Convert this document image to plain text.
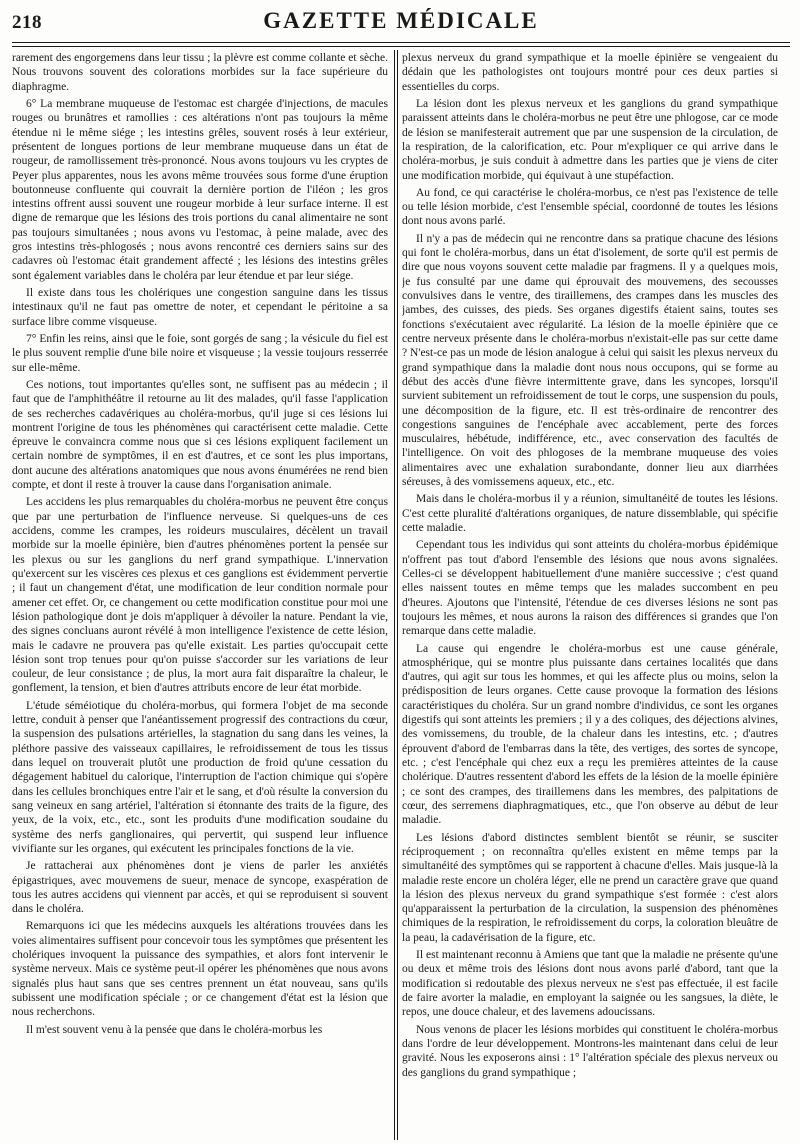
218	GAZETTE MÉDICALE

rarement des engorgemens dans leur tissu ; la plèvre est comme collante et sèche. Nous trouvons souvent des colorations morbides sur la face supérieure du diaphragme.

6° La membrane muqueuse de l'estomac est chargée d'injections, de macules rouges ou brunâtres et ramollies : ces altérations n'ont pas toujours la même étendue ni le même siége ; les intestins grêles, souvent rosés à leur extérieur, présentent de longues portions de leur membrane muqueuse dans un état de rougeur, de ramollissement très-prononcé. Nous avons toujours vu les cryptes de Peyer plus apparentes, nous les avons même trouvées sous forme d'une éruption boutonneuse confluente qui couvrait la dernière portion de l'iléon ; les gros intestins offrent aussi souvent une rougeur morbide à leur surface interne. Il est digne de remarque que les lésions des trois portions du canal alimentaire ne sont pas toujours simultanées ; nous avons vu l'estomac, à peine malade, avec des gros intestins très-phlogosés ; nous avons rencontré ces derniers sains sur des cadavres où l'estomac était grandement affecté ; les lésions des intestins grêles sont également variables dans le choléra par leur étendue et par leur siége.

Il existe dans tous les cholériques une congestion sanguine dans les tissus intestinaux qu'il ne faut pas omettre de noter, et cependant le péritoine a sa surface libre comme visqueuse.

7° Enfin les reins, ainsi que le foie, sont gorgés de sang ; la vésicule du fiel est le plus souvent remplie d'une bile noire et visqueuse ; la vessie toujours resserrée sur elle-même.

Ces notions, tout importantes qu'elles sont, ne suffisent pas au médecin ; il faut que de l'amphithéâtre il retourne au lit des malades, qu'il fasse l'application de ses recherches cadavériques au choléra-morbus, qu'il juge si ces lésions lui montrent l'origine de tous les phénomènes qui caractérisent cette maladie. Cette épreuve le convaincra comme nous que si ces lésions expliquent facilement un certain nombre de symptômes, il en est d'autres, et ce sont les plus importans, dont aucune des altérations anatomiques que nous avons énumérées ne rend bien compte, et dont il reste à trouver la cause dans l'organisation animale.

Les accidens les plus remarquables du choléra-morbus ne peuvent être conçus que par une perturbation de l'influence nerveuse. Si quelques-uns de ces accidens, comme les crampes, les roideurs musculaires, décèlent un travail morbide sur la moelle épinière, bien d'autres phénomènes portent la pensée sur les plexus ou sur les ganglions du nerf grand sympathique. L'innervation qu'exercent sur les viscères ces plexus et ces ganglions est évidemment pervertie ; il faut un changement d'état, une modification de leur condition normale pour amener cet effet. Or, ce changement ou cette modification constitue pour moi une lésion pathologique dont je dois m'appliquer à dévoiler la nature. Pendant la vie, des signes concluans auront révélé à mon intelligence l'existence de cette lésion, mais le cadavre ne prouvera pas qu'elle existait. Les parties qu'occupait cette lésion sont trop tenues pour qu'on puisse s'accorder sur les variations de leur couleur, de leur consistance ; de plus, la mort aura fait disparaître la chaleur, le gonflement, la tension, et bien d'autres attributs encore de leur état morbide.

L'étude séméiotique du choléra-morbus, qui formera l'objet de ma seconde lettre, conduit à penser que l'anéantissement progressif des contractions du cœur, la suspension des pulsations artérielles, la stagnation du sang dans les veines, la pléthore passive des vaisseaux capillaires, le refroidissement de tous les tissus dans lequel on trouverait plutôt une production de froid qu'une cessation du dégagement habituel du calorique, l'interruption de l'action chimique qui s'opère dans les cellules bronchiques entre l'air et le sang, et d'où résulte la conversion du sang veineux en sang artériel, l'altération si étonnante des traits de la figure, des yeux, de la voix, etc., etc., sont les produits d'une modification soudaine du système des nerfs ganglionaires, qui pervertit, qui suspend leur influence vivifiante sur les organes, qui exécutent les principales fonctions de la vie.

Je rattacherai aux phénomènes dont je viens de parler les anxiétés épigastriques, avec mouvemens de sueur, menace de syncope, exaspération de tous les autres accidens qui viennent par accès, et qui se reproduisent si souvent dans le choléra.

Remarquons ici que les médecins auxquels les altérations trouvées dans les voies alimentaires suffisent pour concevoir tous les symptômes que présentent les cholériques invoquent la puissance des sympathies, et alors font intervenir le système nerveux. Mais ce système peut-il opérer les phénomènes que nous avons signalés plus haut sans que ses centres prennent un état nouveau, sans qu'ils subissent une modification spéciale ; or ce changement d'état est la lésion que nous recherchons.

Il m'est souvent venu à la pensée que dans le choléra-morbus les

plexus nerveux du grand sympathique et la moelle épinière se vengeaient du dédain que les pathologistes ont toujours montré pour ces deux parties si essentielles du corps.

La lésion dont les plexus nerveux et les ganglions du grand sympathique paraissent atteints dans le choléra-morbus ne peut être une phlogose, car ce mode de lésion se manifesterait autrement que par une suspension de la circulation, de la respiration, de la calorification, etc. Pour m'expliquer ce qui arrive dans le choléra-morbus, je suis conduit à admettre dans les parties que je viens de citer une modification morbide, qui équivaut à une stupéfaction.

Au fond, ce qui caractérise le choléra-morbus, ce n'est pas l'existence de telle ou telle lésion morbide, c'est l'ensemble spécial, coordonné de toutes les lésions dont nous avons parlé.

Il n'y a pas de médecin qui ne rencontre dans sa pratique chacune des lésions qui font le choléra-morbus, dans un état d'isolement, de sorte qu'il est permis de dire que nous voyons souvent cette maladie par fragmens. Il y a quelques mois, je fus consulté par une dame qui éprouvait des mouvemens, des secousses convulsives dans le ventre, des tiraillemens, des crampes dans les muscles des jambes, des cuisses, des pieds. Ses organes digestifs étaient sains, toutes ses fonctions s'exécutaient avec régularité. La lésion de la moelle épinière que ce centre nerveux présente dans le choléra-morbus n'existait-elle pas sur cette dame ? N'est-ce pas un mode de lésion analogue à celui qui saisit les plexus nerveux du grand sympathique dans la maladie dont nous nous occupons, qui se forme au début des accès d'une fièvre intermittente grave, dans les syncopes, lorsqu'il survient subitement un refroidissement de tout le corps, une suspension du pouls, une décomposition de la figure, etc. Il est très-ordinaire de rencontrer des congestions sanguines de l'encéphale avec accablement, perte des forces musculaires, hébétude, indifférence, etc., avec conservation des facultés de l'intelligence. On voit des phlogoses de la membrane muqueuse des voies alimentaires avec une exhalation surabondante, donner lieu aux diarrhées séreuses, à des vomissemens aqueux, etc., etc.

Mais dans le choléra-morbus il y a réunion, simultanéité de toutes les lésions. C'est cette pluralité d'altérations organiques, de nature dissemblable, qui spécifie cette maladie.

Cependant tous les individus qui sont atteints du choléra-morbus épidémique n'offrent pas tout d'abord l'ensemble des lésions que nous avons signalées. Celles-ci se développent habituellement d'une manière successive ; c'est quand elles naissent toutes en même temps que les malades succombent en peu d'heures. Ajoutons que l'intensité, l'étendue de ces diverses lésions ne sont pas toujours les mêmes, et nous aurons la raison des différences si grandes que l'on remarque dans cette maladie.

La cause qui engendre le choléra-morbus est une cause générale, atmosphérique, qui se montre plus puissante dans certaines localités que dans d'autres, qui agit sur tous les hommes, et qui les affecte plus ou moins, selon la prédisposition de leurs organes. Cette cause provoque la formation des lésions caractéristiques du choléra. Sur un grand nombre d'individus, ce sont les organes digestifs qui sont atteints les premiers ; il y a des coliques, des déjections alvines, des vomissemens, du trouble, de la chaleur dans les intestins, etc. ; d'autres éprouvent d'abord de l'embarras dans la tête, des vertiges, des sortes de syncope, etc. ; c'est l'encéphale qui chez eux a reçu les premières atteintes de la cause cholérique. D'autres ressentent d'abord les effets de la lésion de la moelle épinière ; ce sont des crampes, des tiraillemens dans les membres, des palpitations de cœur, des serremens diaphragmatiques, etc., que l'on observe au début de leur maladie.

Les lésions d'abord distinctes semblent bientôt se réunir, se susciter réciproquement ; on reconnaîtra qu'elles existent en même temps par la simultanéité des symptômes qui se rapportent à chacune d'elles. Mais jusque-là la maladie reste encore un choléra léger, elle ne prend un caractère grave que quand la lésion des plexus nerveux du grand sympathique s'est formée : c'est alors qu'apparaissent la perturbation de la circulation, la suspension des phénomènes chimiques de la respiration, le refroidissement du corps, la coloration bleuâtre de la peau, la cadavérisation de la figure, etc.

Il est maintenant reconnu à Amiens que tant que la maladie ne présente qu'une ou deux et même trois des lésions dont nous avons parlé d'abord, tant que la modification si redoutable des plexus nerveux ne s'est pas effectuée, il est facile de faire avorter la maladie, en employant la saignée ou les sangsues, la diète, le repos, une douce chaleur, et des lavemens adoucissans.

Nous venons de placer les lésions morbides qui constituent le choléra-morbus dans l'ordre de leur développement. Montrons-les maintenant dans celui de leur gravité. Nous les exposerons ainsi : 1° l'altération spéciale des plexus nerveux ou des ganglions du grand sympathique ;
